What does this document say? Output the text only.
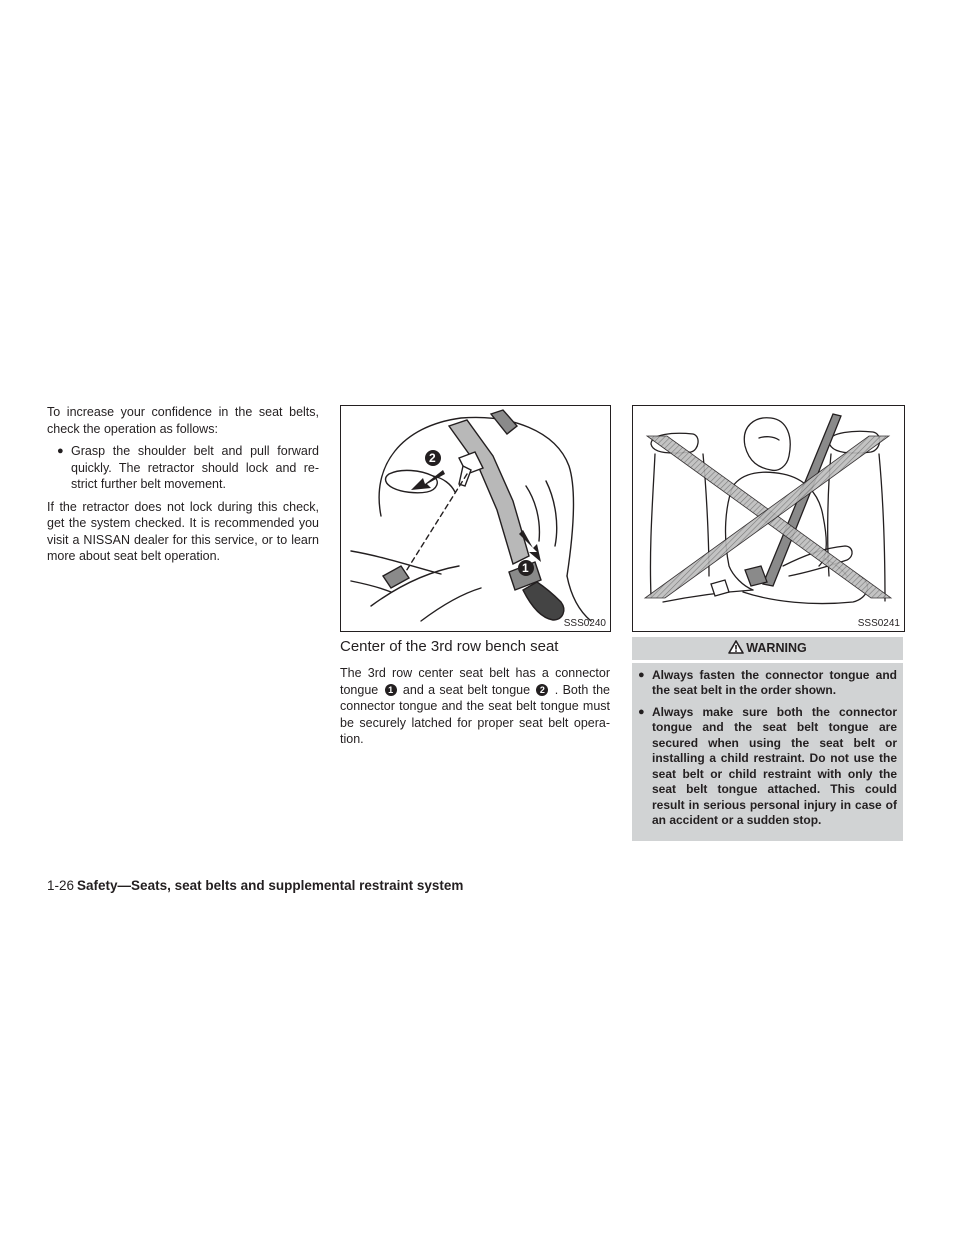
To increase your confidence in the seat belts, check the operation as follows:

● Grasp the shoulder belt and pull forward quickly. The retractor should lock and re- strict further belt movement.

If the retractor does not lock during this check, get the system checked. It is recommended you visit a NISSAN dealer for this service, or to learn more about seat belt operation.

2
1
SSS0240	SSS0241
Center of the 3rd row bench seat

The 3rd row center seat belt has a connector tongue 1 and a seat belt tongue 2 . Both the connector tongue and the seat belt tongue must be securely latched for proper seat belt opera- tion.

WARNING
● Always fasten the connector tongue and the seat belt in the order shown.
● Always make sure both the connector tongue and the seat belt tongue are secured when using the seat belt or installing a child restraint. Do not use the seat belt or child restraint with only the seat belt tongue attached. This could result in serious personal injury in case of an accident or a sudden stop.
1-26 Safety—Seats, seat belts and supplemental restraint system
